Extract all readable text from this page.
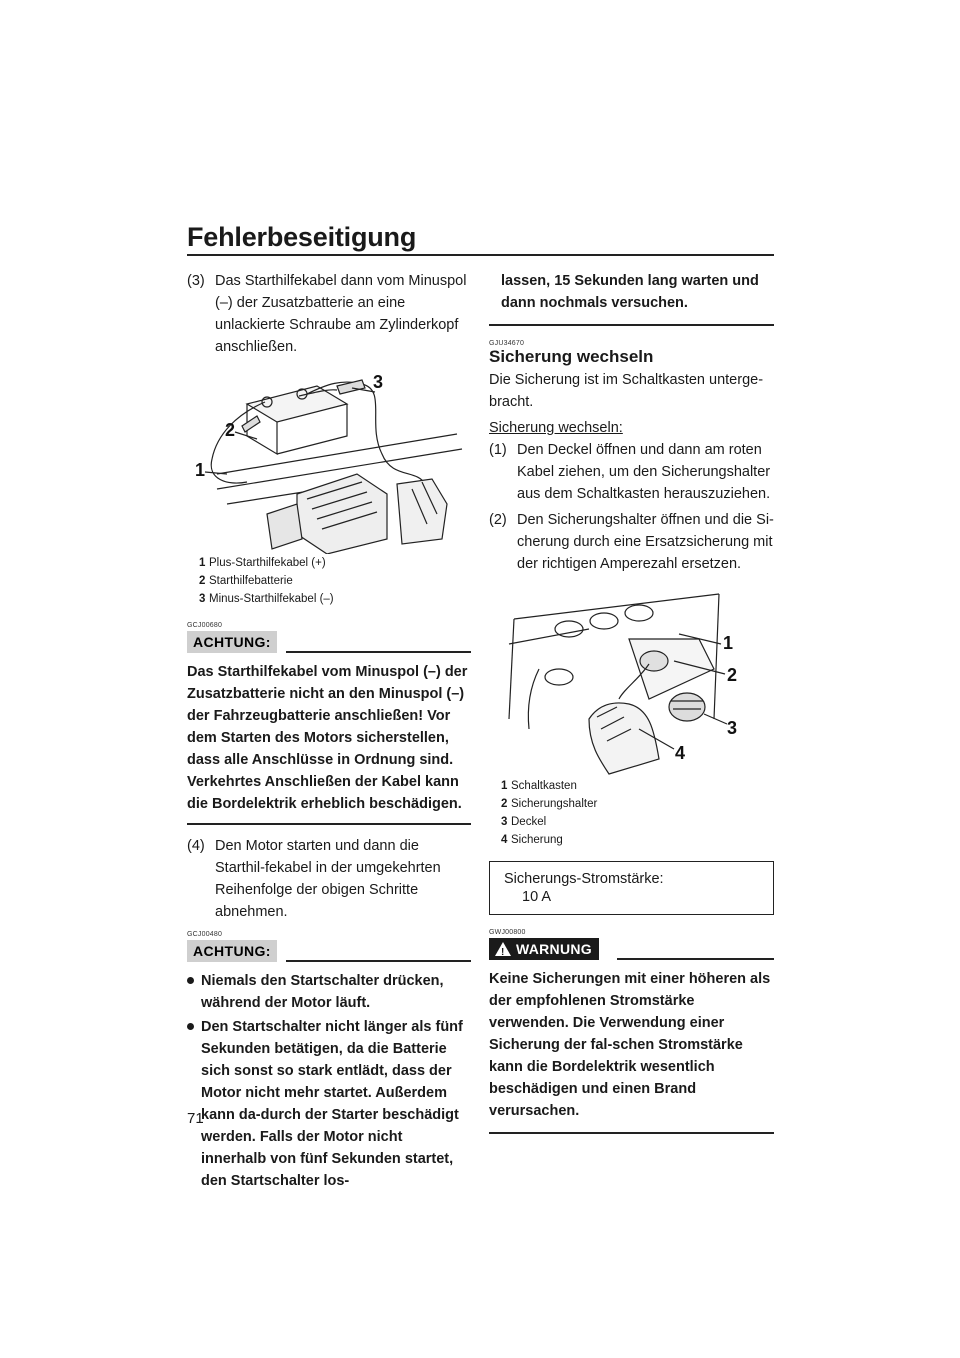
Fehlerbeseitigung
(3) Das Starthilfekabel dann vom Minuspol (–) der Zusatzbatterie an eine unlackierte Schraube am Zylinderkopf anschließen.
1
2
3
1 Plus-Starthilfekabel (+)
2 Starthilfebatterie
3 Minus-Starthilfekabel (–)
GCJ00680
ACHTUNG:
Das Starthilfekabel vom Minuspol (–) der Zusatzbatterie nicht an den Minuspol (–) der Fahrzeugbatterie anschließen! Vor dem Starten des Motors sicherstellen, dass alle Anschlüsse in Ordnung sind. Verkehrtes Anschließen der Kabel kann die Bordelektrik erheblich beschädigen.
(4) Den Motor starten und dann die Starthil-fekabel in der umgekehrten Reihenfolge der obigen Schritte abnehmen.
GCJ00480
ACHTUNG:
Niemals den Startschalter drücken, während der Motor läuft.
Den Startschalter nicht länger als fünf Sekunden betätigen, da die Batterie sich sonst so stark entlädt, dass der Motor nicht mehr startet. Außerdem kann da-durch der Starter beschädigt werden. Falls der Motor nicht innerhalb von fünf Sekunden startet, den Startschalter los-
lassen, 15 Sekunden lang warten und dann nochmals versuchen.
GJU34670
Sicherung wechseln
Die Sicherung ist im Schaltkasten unterge-bracht.
Sicherung wechseln:
(1) Den Deckel öffnen und dann am roten Kabel ziehen, um den Sicherungshalter aus dem Schaltkasten herauszuziehen.
(2) Den Sicherungshalter öffnen und die Si-cherung durch eine Ersatzsicherung mit der richtigen Amperezahl ersetzen.
1
2
3
4
1 Schaltkasten
2 Sicherungshalter
3 Deckel
4 Sicherung
Sicherungs-Stromstärke:
10 A
GWJ00800
! WARNUNG
Keine Sicherungen mit einer höheren als der empfohlenen Stromstärke verwenden. Die Verwendung einer Sicherung der fal-schen Stromstärke kann die Bordelektrik wesentlich beschädigen und einen Brand verursachen.
71
